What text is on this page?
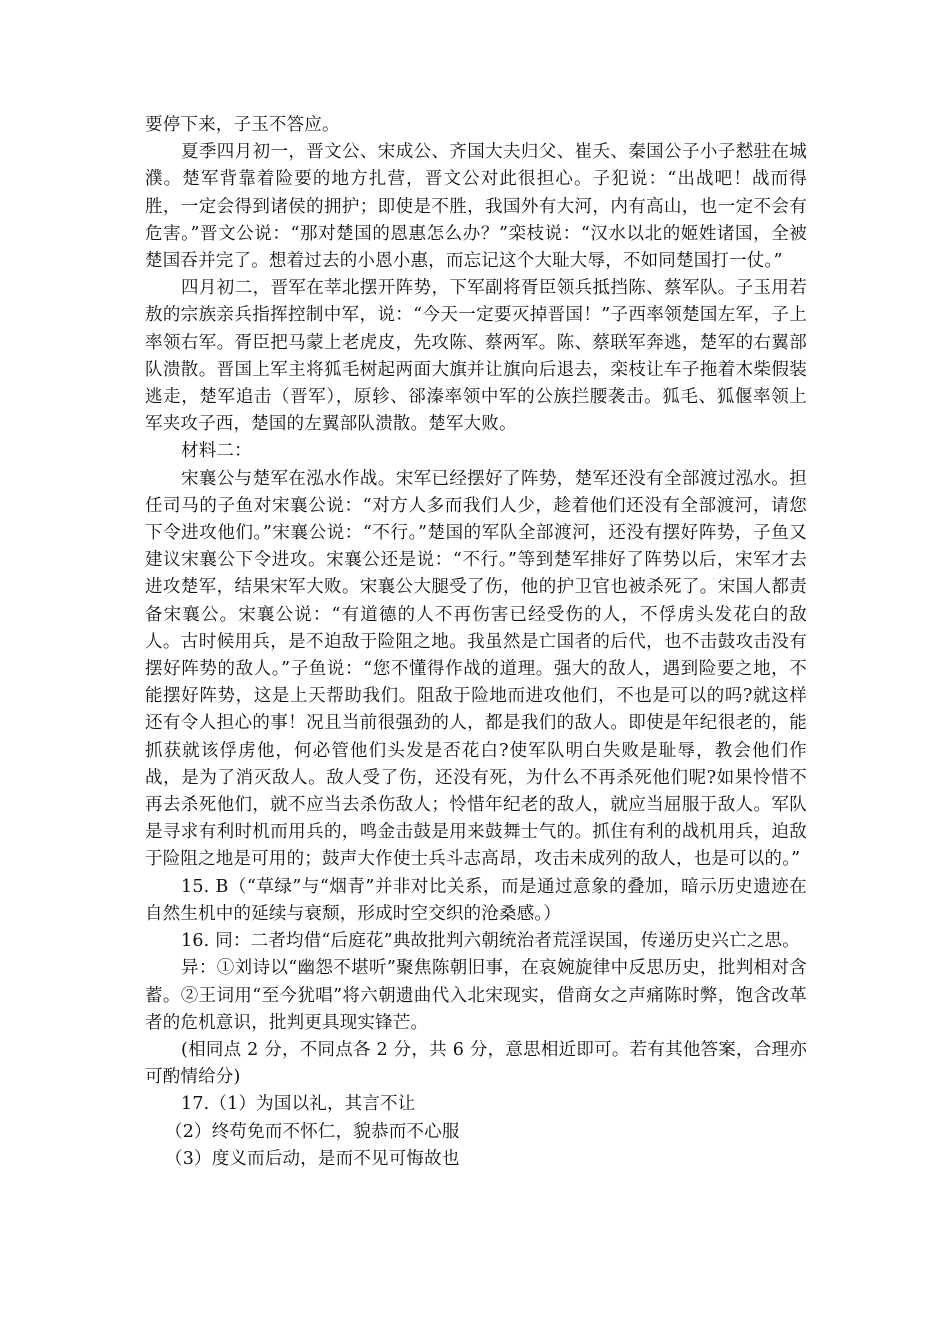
要停下来，子玉不答应。

夏季四月初一，晋文公、宋成公、齐国大夫归父、崔夭、秦国公子小子慭驻在城濮。楚军背靠着险要的地方扎营，晋文公对此很担心。子犯说：“出战吧！战而得胜，一定会得到诸侯的拥护；即使是不胜，我国外有大河，内有高山，也一定不会有危害。”晋文公说：“那对楚国的恩惠怎么办？”栾枝说：“汉水以北的姬姓诸国，全被楚国吞并完了。想着过去的小恩小惠，而忘记这个大耻大辱，不如同楚国打一仗。”

四月初二，晋军在莘北摆开阵势，下军副将胥臣领兵抵挡陈、蔡军队。子玉用若敖的宗族亲兵指挥控制中军，说：“今天一定要灭掉晋国！”子西率领楚国左军，子上率领右军。胥臣把马蒙上老虎皮，先攻陈、蔡两军。陈、蔡联军奔逃，楚军的右翼部队溃散。晋国上军主将狐毛树起两面大旗并让旗向后退去，栾枝让车子拖着木柴假装逃走，楚军追击（晋军），原轸、郤溱率领中军的公族拦腰袭击。狐毛、狐偃率领上军夹攻子西，楚国的左翼部队溃散。楚军大败。

材料二：

宋襄公与楚军在泓水作战。宋军已经摆好了阵势，楚军还没有全部渡过泓水。担任司马的子鱼对宋襄公说：“对方人多而我们人少，趁着他们还没有全部渡河，请您下令进攻他们。”宋襄公说：“不行。”楚国的军队全部渡河，还没有摆好阵势，子鱼又建议宋襄公下令进攻。宋襄公还是说：“不行。”等到楚军排好了阵势以后，宋军才去进攻楚军，结果宋军大败。宋襄公大腿受了伤，他的护卫官也被杀死了。宋国人都责备宋襄公。宋襄公说：“有道德的人不再伤害已经受伤的人，不俘虏头发花白的敌人。古时候用兵，是不迫敌于险阻之地。我虽然是亡国者的后代，也不击鼓攻击没有摆好阵势的敌人。”子鱼说：“您不懂得作战的道理。强大的敌人，遇到险要之地，不能摆好阵势，这是上天帮助我们。阻敌于险地而进攻他们，不也是可以的吗?就这样还有令人担心的事！况且当前很强劲的人，都是我们的敌人。即使是年纪很老的，能抓获就该俘虏他，何必管他们头发是否花白?使军队明白失败是耻辱，教会他们作战，是为了消灭敌人。敌人受了伤，还没有死，为什么不再杀死他们呢?如果怜惜不再去杀死他们，就不应当去杀伤敌人；怜惜年纪老的敌人，就应当屈服于敌人。军队是寻求有利时机而用兵的，鸣金击鼓是用来鼓舞士气的。抓住有利的战机用兵，迫敌于险阻之地是可用的；鼓声大作使士兵斗志高昂，攻击未成列的敌人，也是可以的。”

15. B（“草绿”与“烟青”并非对比关系，而是通过意象的叠加，暗示历史遗迹在自然生机中的延续与衰颓，形成时空交织的沧桑感。）

16. 同：二者均借“后庭花”典故批判六朝统治者荒淫误国，传递历史兴亡之思。

异：①刘诗以“幽怨不堪听”聚焦陈朝旧事，在哀婉旋律中反思历史，批判相对含蓄。②王词用“至今犹唱”将六朝遗曲代入北宋现实，借商女之声痛陈时弊，饱含改革者的危机意识，批判更具现实锋芒。

(相同点 2 分，不同点各 2 分，共 6 分，意思相近即可。若有其他答案，合理亦可酌情给分)

17.（1）为国以礼，其言不让

（2）终苟免而不怀仁，貌恭而不心服

（3）度义而后动，是而不见可悔故也
